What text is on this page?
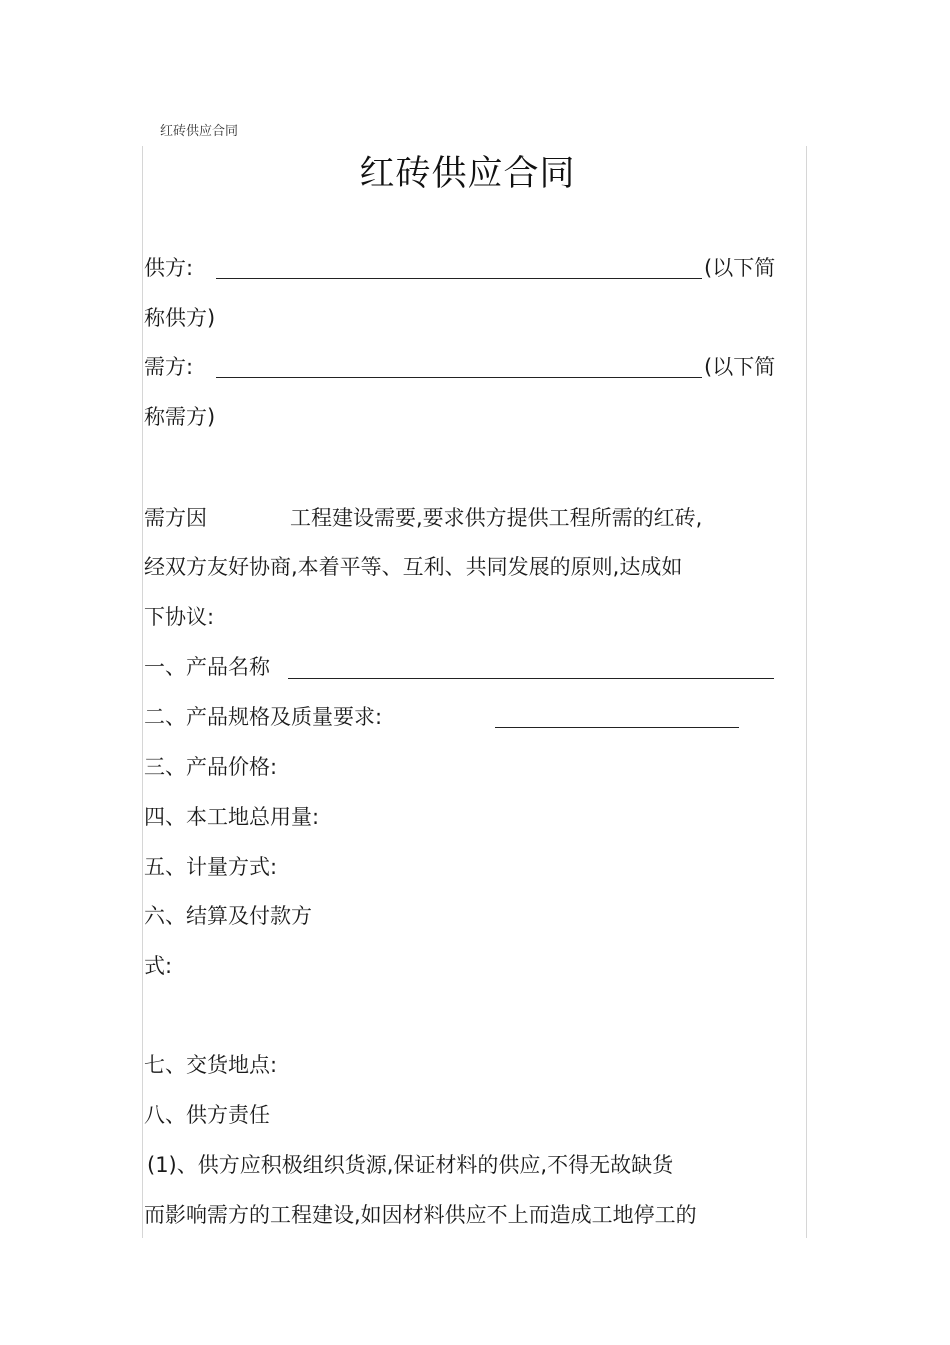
红砖供应合同
红砖供应合同
供方:	(以下简
称供方)
需方:	(以下简
称需方)
需方因	工程建设需要,要求供方提供工程所需的红砖,
经双方友好协商,本着平等、互利、共同发展的原则,达成如
下协议:
一、产品名称
二、产品规格及质量要求:
三、产品价格:
四、本工地总用量:
五、计量方式:
六、结算及付款方
式:
七、交货地点:
八、供方责任
(1)、供方应积极组织货源,保证材料的供应,不得无故缺货
而影响需方的工程建设,如因材料供应不上而造成工地停工的
